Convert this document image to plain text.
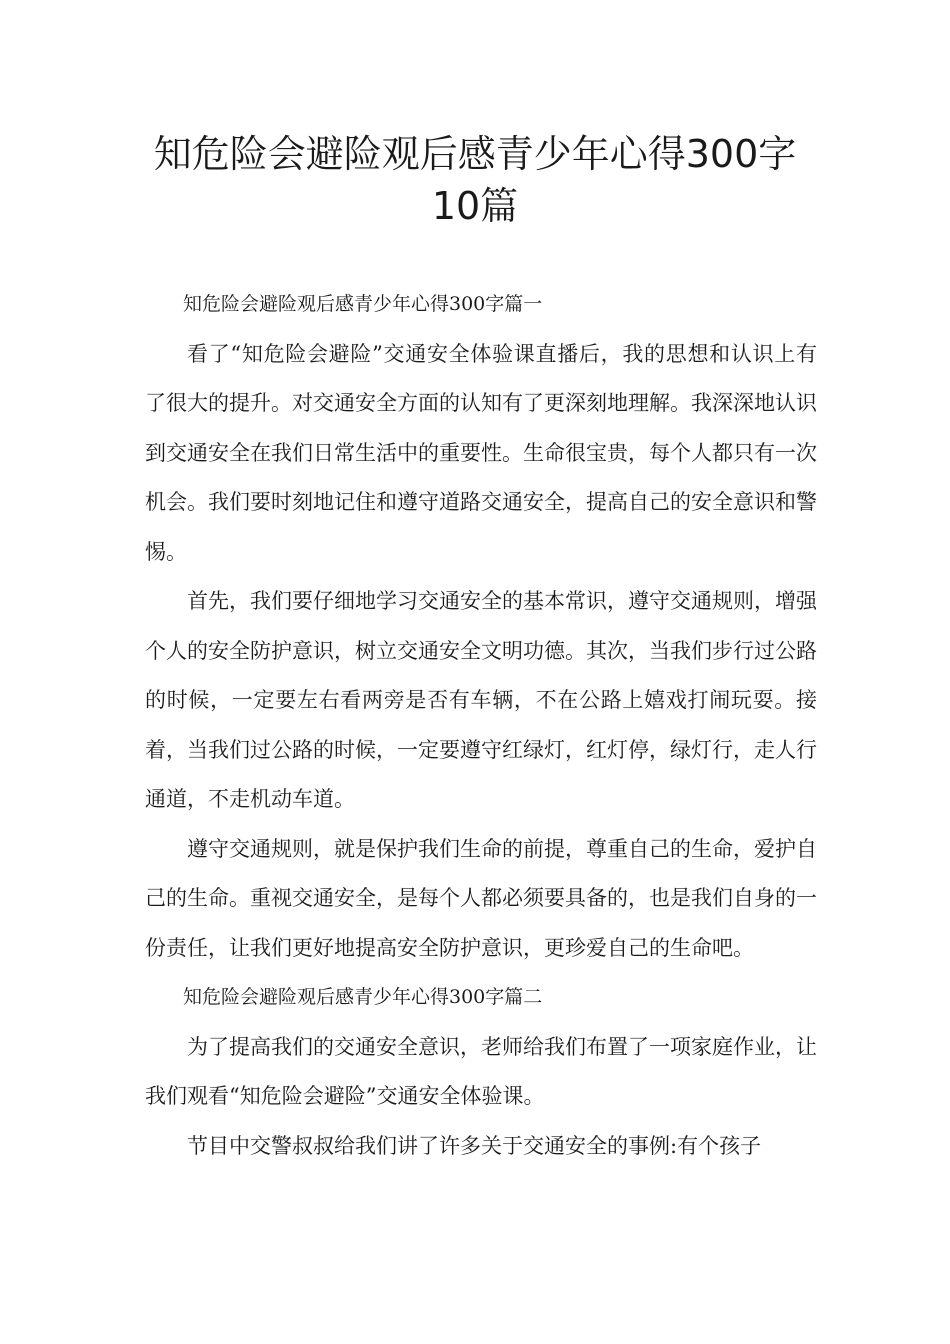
知危险会避险观后感青少年心得300字10篇

知危险会避险观后感青少年心得300字篇一

看了“知危险会避险”交通安全体验课直播后，我的思想和认识上有了很大的提升。对交通安全方面的认知有了更深刻地理解。我深深地认识到交通安全在我们日常生活中的重要性。生命很宝贵，每个人都只有一次机会。我们要时刻地记住和遵守道路交通安全，提高自己的安全意识和警惕。

首先，我们要仔细地学习交通安全的基本常识，遵守交通规则，增强个人的安全防护意识，树立交通安全文明功德。其次，当我们步行过公路的时候，一定要左右看两旁是否有车辆，不在公路上嬉戏打闹玩耍。接着，当我们过公路的时候，一定要遵守红绿灯，红灯停，绿灯行，走人行通道，不走机动车道。

遵守交通规则，就是保护我们生命的前提，尊重自己的生命，爱护自己的生命。重视交通安全，是每个人都必须要具备的，也是我们自身的一份责任，让我们更好地提高安全防护意识，更珍爱自己的生命吧。

知危险会避险观后感青少年心得300字篇二

为了提高我们的交通安全意识，老师给我们布置了一项家庭作业，让我们观看“知危险会避险”交通安全体验课。

节目中交警叔叔给我们讲了许多关于交通安全的事例:有个孩子
